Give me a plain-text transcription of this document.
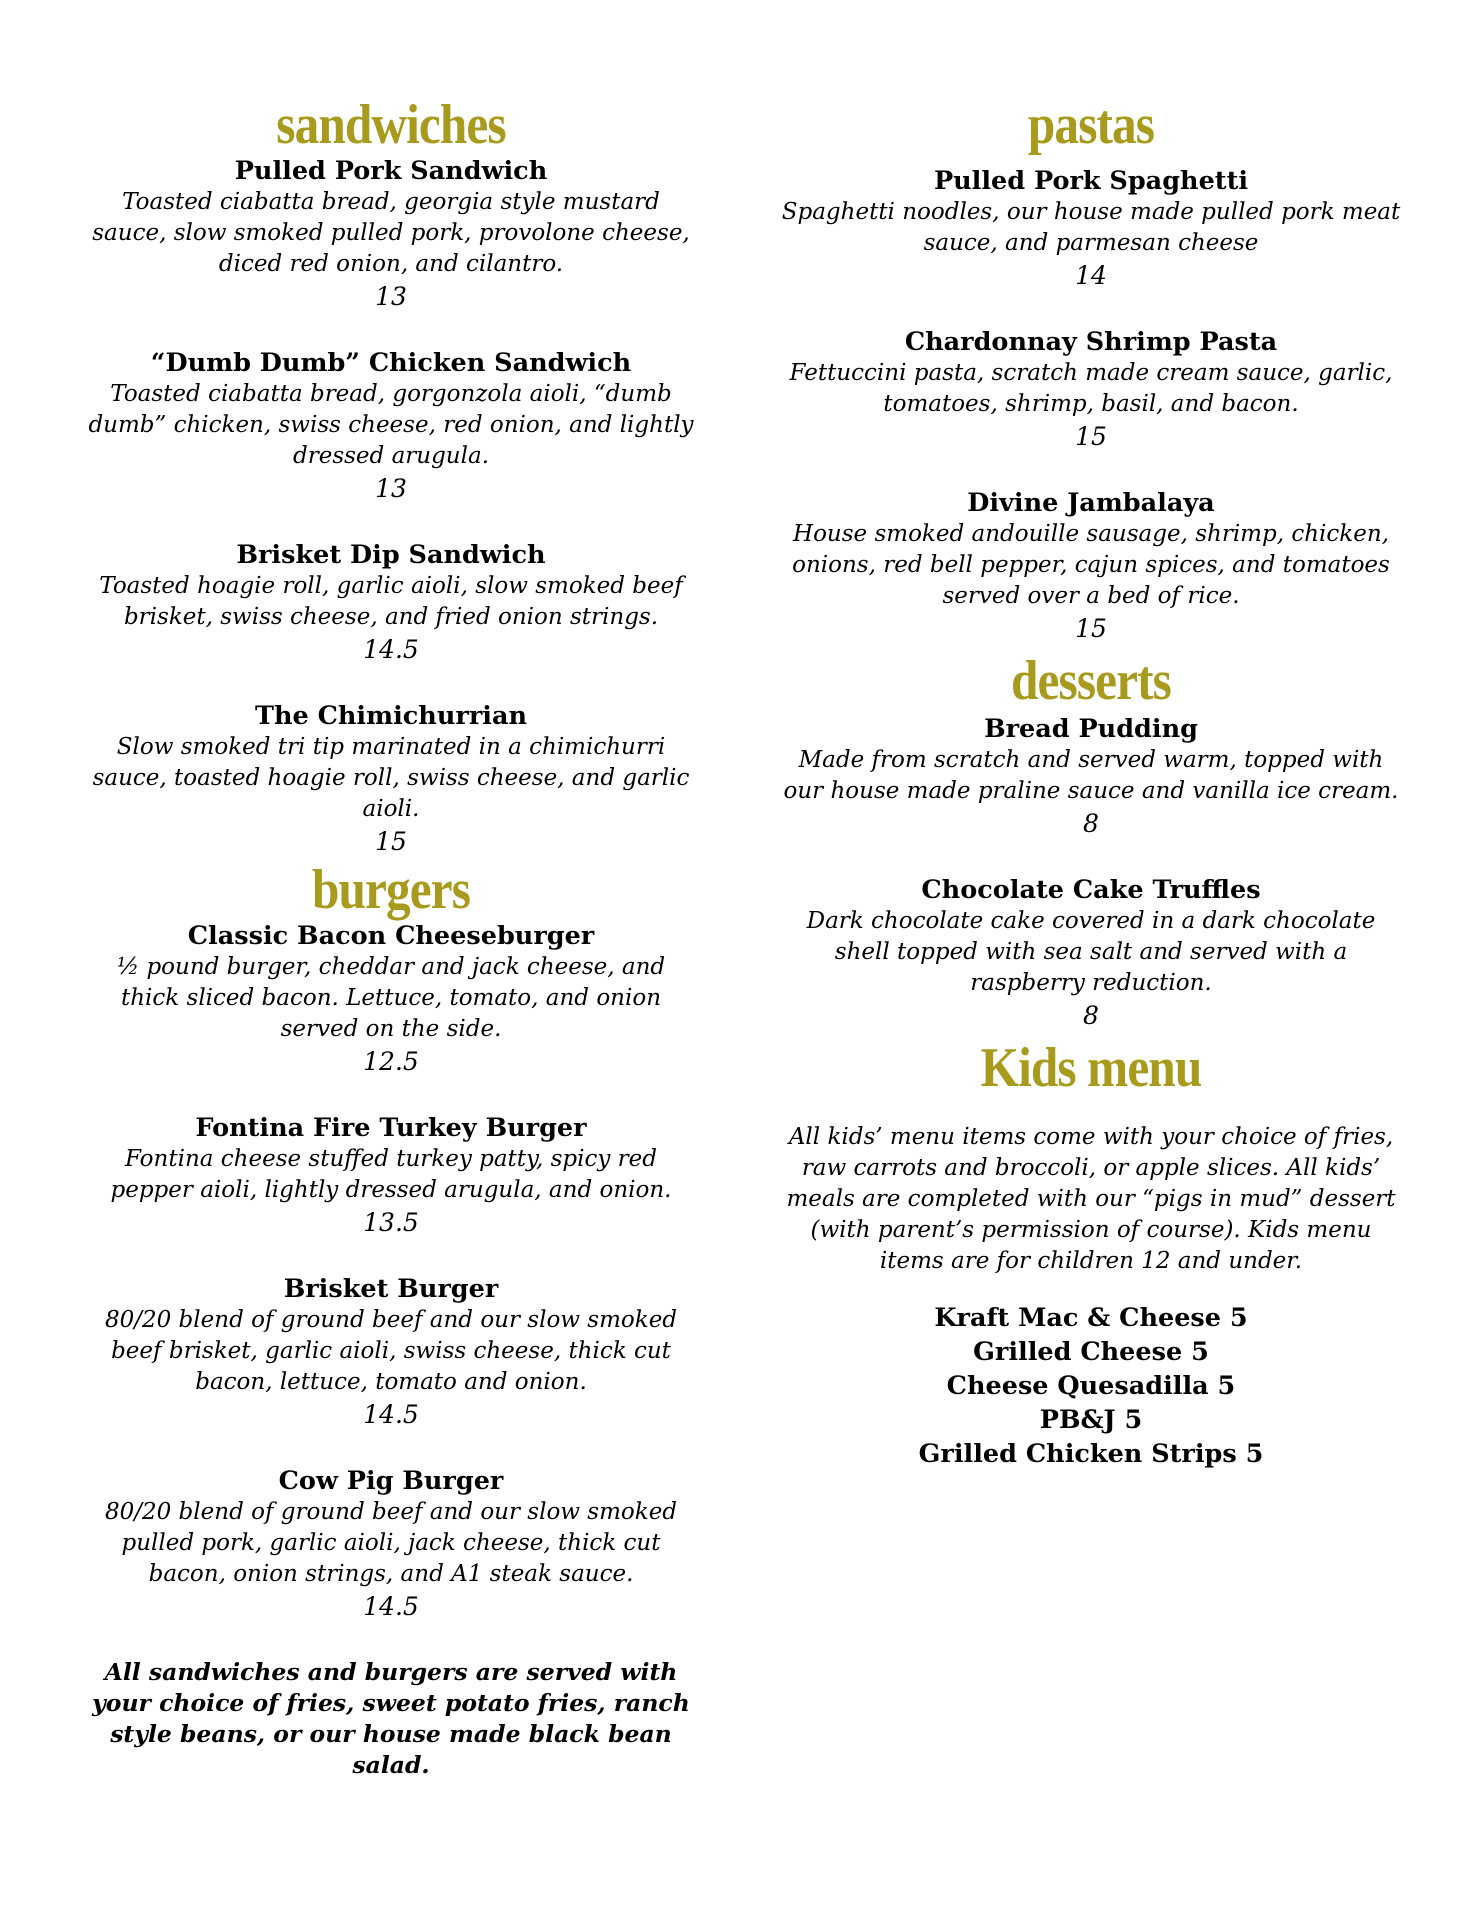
sandwiches
Pulled Pork Sandwich
Toasted ciabatta bread, georgia style mustard sauce, slow smoked pulled pork, provolone cheese, diced red onion, and cilantro.
13
“Dumb Dumb” Chicken Sandwich
Toasted ciabatta bread, gorgonzola aioli, “dumb dumb” chicken, swiss cheese, red onion, and lightly dressed arugula.
13
Brisket Dip Sandwich
Toasted hoagie roll, garlic aioli, slow smoked beef brisket, swiss cheese, and fried onion strings.
14.5
The Chimichurrian
Slow smoked tri tip marinated in a chimichurri sauce, toasted hoagie roll, swiss cheese, and garlic aioli.
15
burgers
Classic Bacon Cheeseburger
½ pound burger, cheddar and jack cheese, and thick sliced bacon. Lettuce, tomato, and onion served on the side.
12.5
Fontina Fire Turkey Burger
Fontina cheese stuffed turkey patty, spicy red pepper aioli, lightly dressed arugula, and onion.
13.5
Brisket Burger
80/20 blend of ground beef and our slow smoked beef brisket, garlic aioli, swiss cheese, thick cut bacon, lettuce, tomato and onion.
14.5
Cow Pig Burger
80/20 blend of ground beef and our slow smoked pulled pork, garlic aioli, jack cheese, thick cut bacon, onion strings, and A1 steak sauce.
14.5
All sandwiches and burgers are served with your choice of fries, sweet potato fries, ranch style beans, or our house made black bean salad.
pastas
Pulled Pork Spaghetti
Spaghetti noodles, our house made pulled pork meat sauce, and parmesan cheese
14
Chardonnay Shrimp Pasta
Fettuccini pasta, scratch made cream sauce, garlic, tomatoes, shrimp, basil, and bacon.
15
Divine Jambalaya
House smoked andouille sausage, shrimp, chicken, onions, red bell pepper, cajun spices, and tomatoes served over a bed of rice.
15
desserts
Bread Pudding
Made from scratch and served warm, topped with our house made praline sauce and vanilla ice cream.
8
Chocolate Cake Truffles
Dark chocolate cake covered in a dark chocolate shell topped with sea salt and served with a raspberry reduction.
8
Kids menu
All kids’ menu items come with your choice of fries, raw carrots and broccoli, or apple slices. All kids’ meals are completed with our “pigs in mud” dessert (with parent’s permission of course). Kids menu items are for children 12 and under.
Kraft Mac & Cheese 5
Grilled Cheese 5
Cheese Quesadilla 5
PB&J 5
Grilled Chicken Strips 5
